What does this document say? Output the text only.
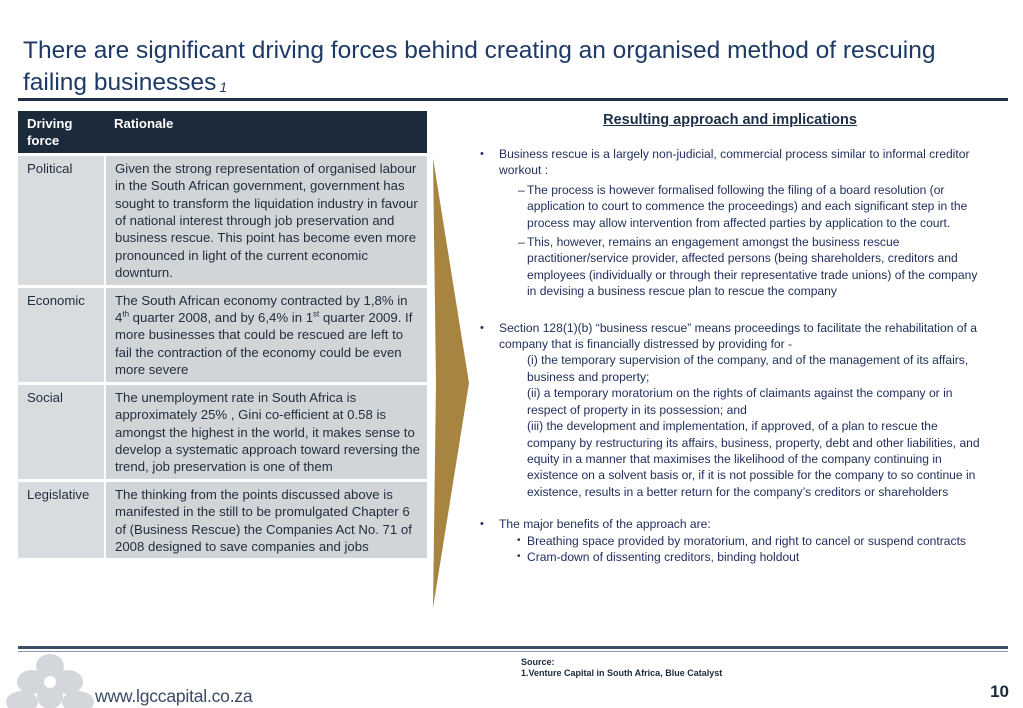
There are significant driving forces behind creating an organised method of rescuing failing businesses $^1$
Driving force	Rationale
Political	Given the strong representation of organised labour in the South African government, government has sought to transform the liquidation industry in favour of national interest through job preservation and business rescue. This point has become even more pronounced in light of the current economic downturn.
Economic	The South African economy contracted by 1,8% in 4th quarter 2008, and by 6,4% in 1st quarter 2009. If more businesses that could be rescued are left to fail the contraction of the economy could be even more severe
Social	The unemployment rate in South Africa is approximately 25% , Gini co-efficient at 0.58 is amongst the highest in the world, it makes sense to develop a systematic approach toward reversing the trend, job preservation is one of them
Legislative	The thinking from the points discussed above is manifested in the still to be promulgated Chapter 6 of (Business Rescue) the Companies Act No. 71 of 2008 designed to save companies and jobs
Resulting approach and implications
• Business rescue is a largely non-judicial, commercial process similar to informal creditor workout :
– The process is however formalised following the filing of a board resolution (or application to court to commence the proceedings) and each significant step in the process may allow intervention from affected parties by application to the court.
– This, however, remains an engagement amongst the business rescue practitioner/service provider, affected persons (being shareholders, creditors and employees (individually or through their representative trade unions) of the company in devising a business rescue plan to rescue the company
• Section 128(1)(b) “business rescue” means proceedings to facilitate the rehabilitation of a company that is financially distressed by providing for -
(i) the temporary supervision of the company, and of the management of its affairs, business and property;
(ii) a temporary moratorium on the rights of claimants against the company or in respect of property in its possession; and
(iii) the development and implementation, if approved, of a plan to rescue the company by restructuring its affairs, business, property, debt and other liabilities, and equity in a manner that maximises the likelihood of the company continuing in existence on a solvent basis or, if it is not possible for the company to so continue in existence, results in a better return for the company’s creditors or shareholders
• The major benefits of the approach are:
• Breathing space provided by moratorium, and right to cancel or suspend contracts
• Cram-down of dissenting creditors, binding holdout
Source:
1.Venture Capital in South Africa, Blue Catalyst
www.lgccapital.co.za	10
